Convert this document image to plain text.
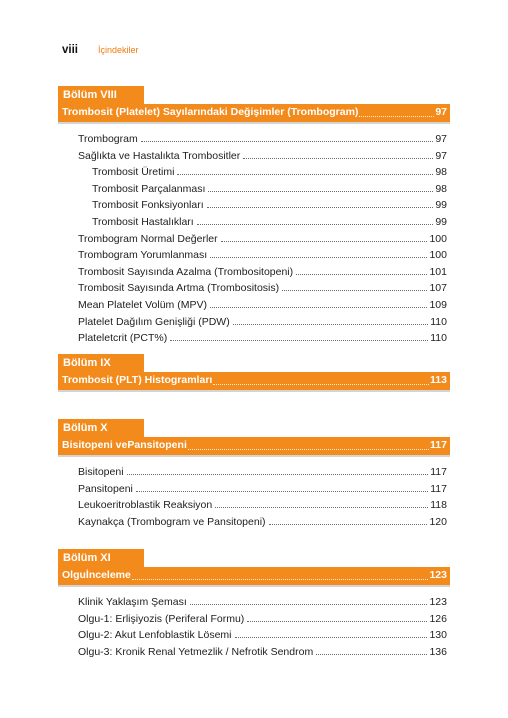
viii	İçindekiler
Bölüm VIII
Trombosit (Platelet) Sayılarındaki Değişimler (Trombogram)	97
Trombogram	97
Sağlıkta ve Hastalıkta Trombositler	97
Trombosit Üretimi	98
Trombosit Parçalanması	98
Trombosit Fonksiyonları	99
Trombosit Hastalıkları	99
Trombogram Normal Değerler	100
Trombogram Yorumlanması	100
Trombosit Sayısında Azalma (Trombositopeni)	101
Trombosit Sayısında Artma (Trombositosis)	107
Mean Platelet Volüm (MPV)	109
Platelet Dağılım Genişliği (PDW)	110
Plateletcrit (PCT%)	110
Bölüm IX
Trombosit (PLT) Histogramları	113
Bölüm X
Bisitopeni vePansitopeni	117
Bisitopeni	117
Pansitopeni	117
Leukoeritroblastik Reaksiyon	118
Kaynakça (Trombogram ve Pansitopeni)	120
Bölüm XI
Olguİnceleme	123
Klinik Yaklaşım Şeması	123
Olgu-1: Erlişiyozis (Periferal Formu)	126
Olgu-2: Akut Lenfoblastik Lösemi	130
Olgu-3: Kronik Renal Yetmezlik / Nefrotik Sendrom	136
